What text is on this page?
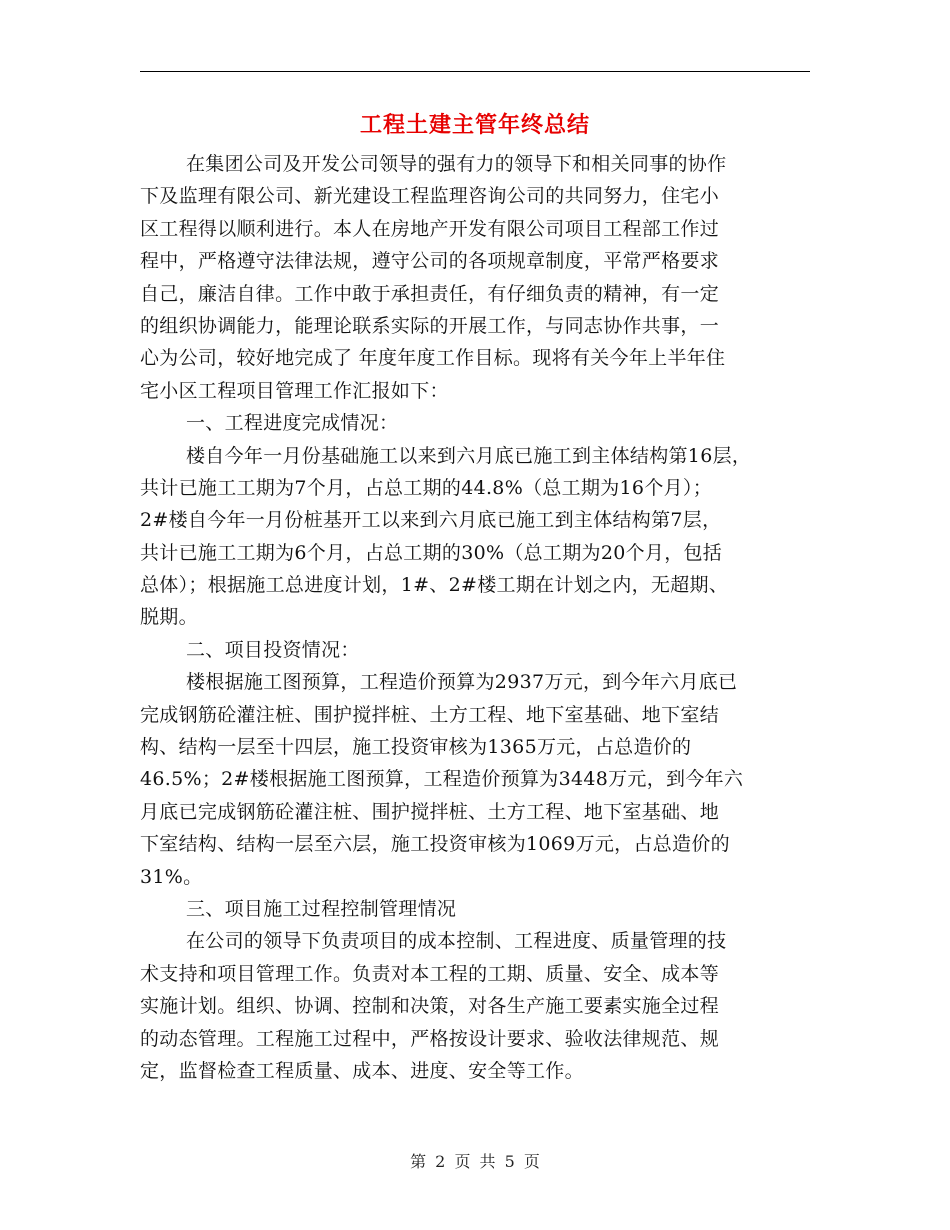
工程土建主管年终总结
在集团公司及开发公司领导的强有力的领导下和相关同事的协作
下及监理有限公司、新光建设工程监理咨询公司的共同努力，住宅小
区工程得以顺利进行。本人在房地产开发有限公司项目工程部工作过
程中，严格遵守法律法规，遵守公司的各项规章制度，平常严格要求
自己，廉洁自律。工作中敢于承担责任，有仔细负责的精神，有一定
的组织协调能力，能理论联系实际的开展工作，与同志协作共事，一
心为公司，较好地完成了 年度年度工作目标。现将有关今年上半年住
宅小区工程项目管理工作汇报如下：
一、工程进度完成情况：
楼自今年一月份基础施工以来到六月底已施工到主体结构第16层，
共计已施工工期为7个月，占总工期的44.8%（总工期为16个月）；
2#楼自今年一月份桩基开工以来到六月底已施工到主体结构第7层，
共计已施工工期为6个月，占总工期的30%（总工期为20个月，包括
总体）；根据施工总进度计划，1#、2#楼工期在计划之内，无超期、
脱期。
二、项目投资情况：
楼根据施工图预算，工程造价预算为2937万元，到今年六月底已
完成钢筋砼灌注桩、围护搅拌桩、土方工程、地下室基础、地下室结
构、结构一层至十四层，施工投资审核为1365万元，占总造价的
46.5%；2#楼根据施工图预算，工程造价预算为3448万元，到今年六
月底已完成钢筋砼灌注桩、围护搅拌桩、土方工程、地下室基础、地
下室结构、结构一层至六层，施工投资审核为1069万元，占总造价的
31%。
三、项目施工过程控制管理情况
在公司的领导下负责项目的成本控制、工程进度、质量管理的技
术支持和项目管理工作。负责对本工程的工期、质量、安全、成本等
实施计划。组织、协调、控制和决策，对各生产施工要素实施全过程
的动态管理。工程施工过程中，严格按设计要求、验收法律规范、规
定，监督检查工程质量、成本、进度、安全等工作。
第 2 页 共 5 页
